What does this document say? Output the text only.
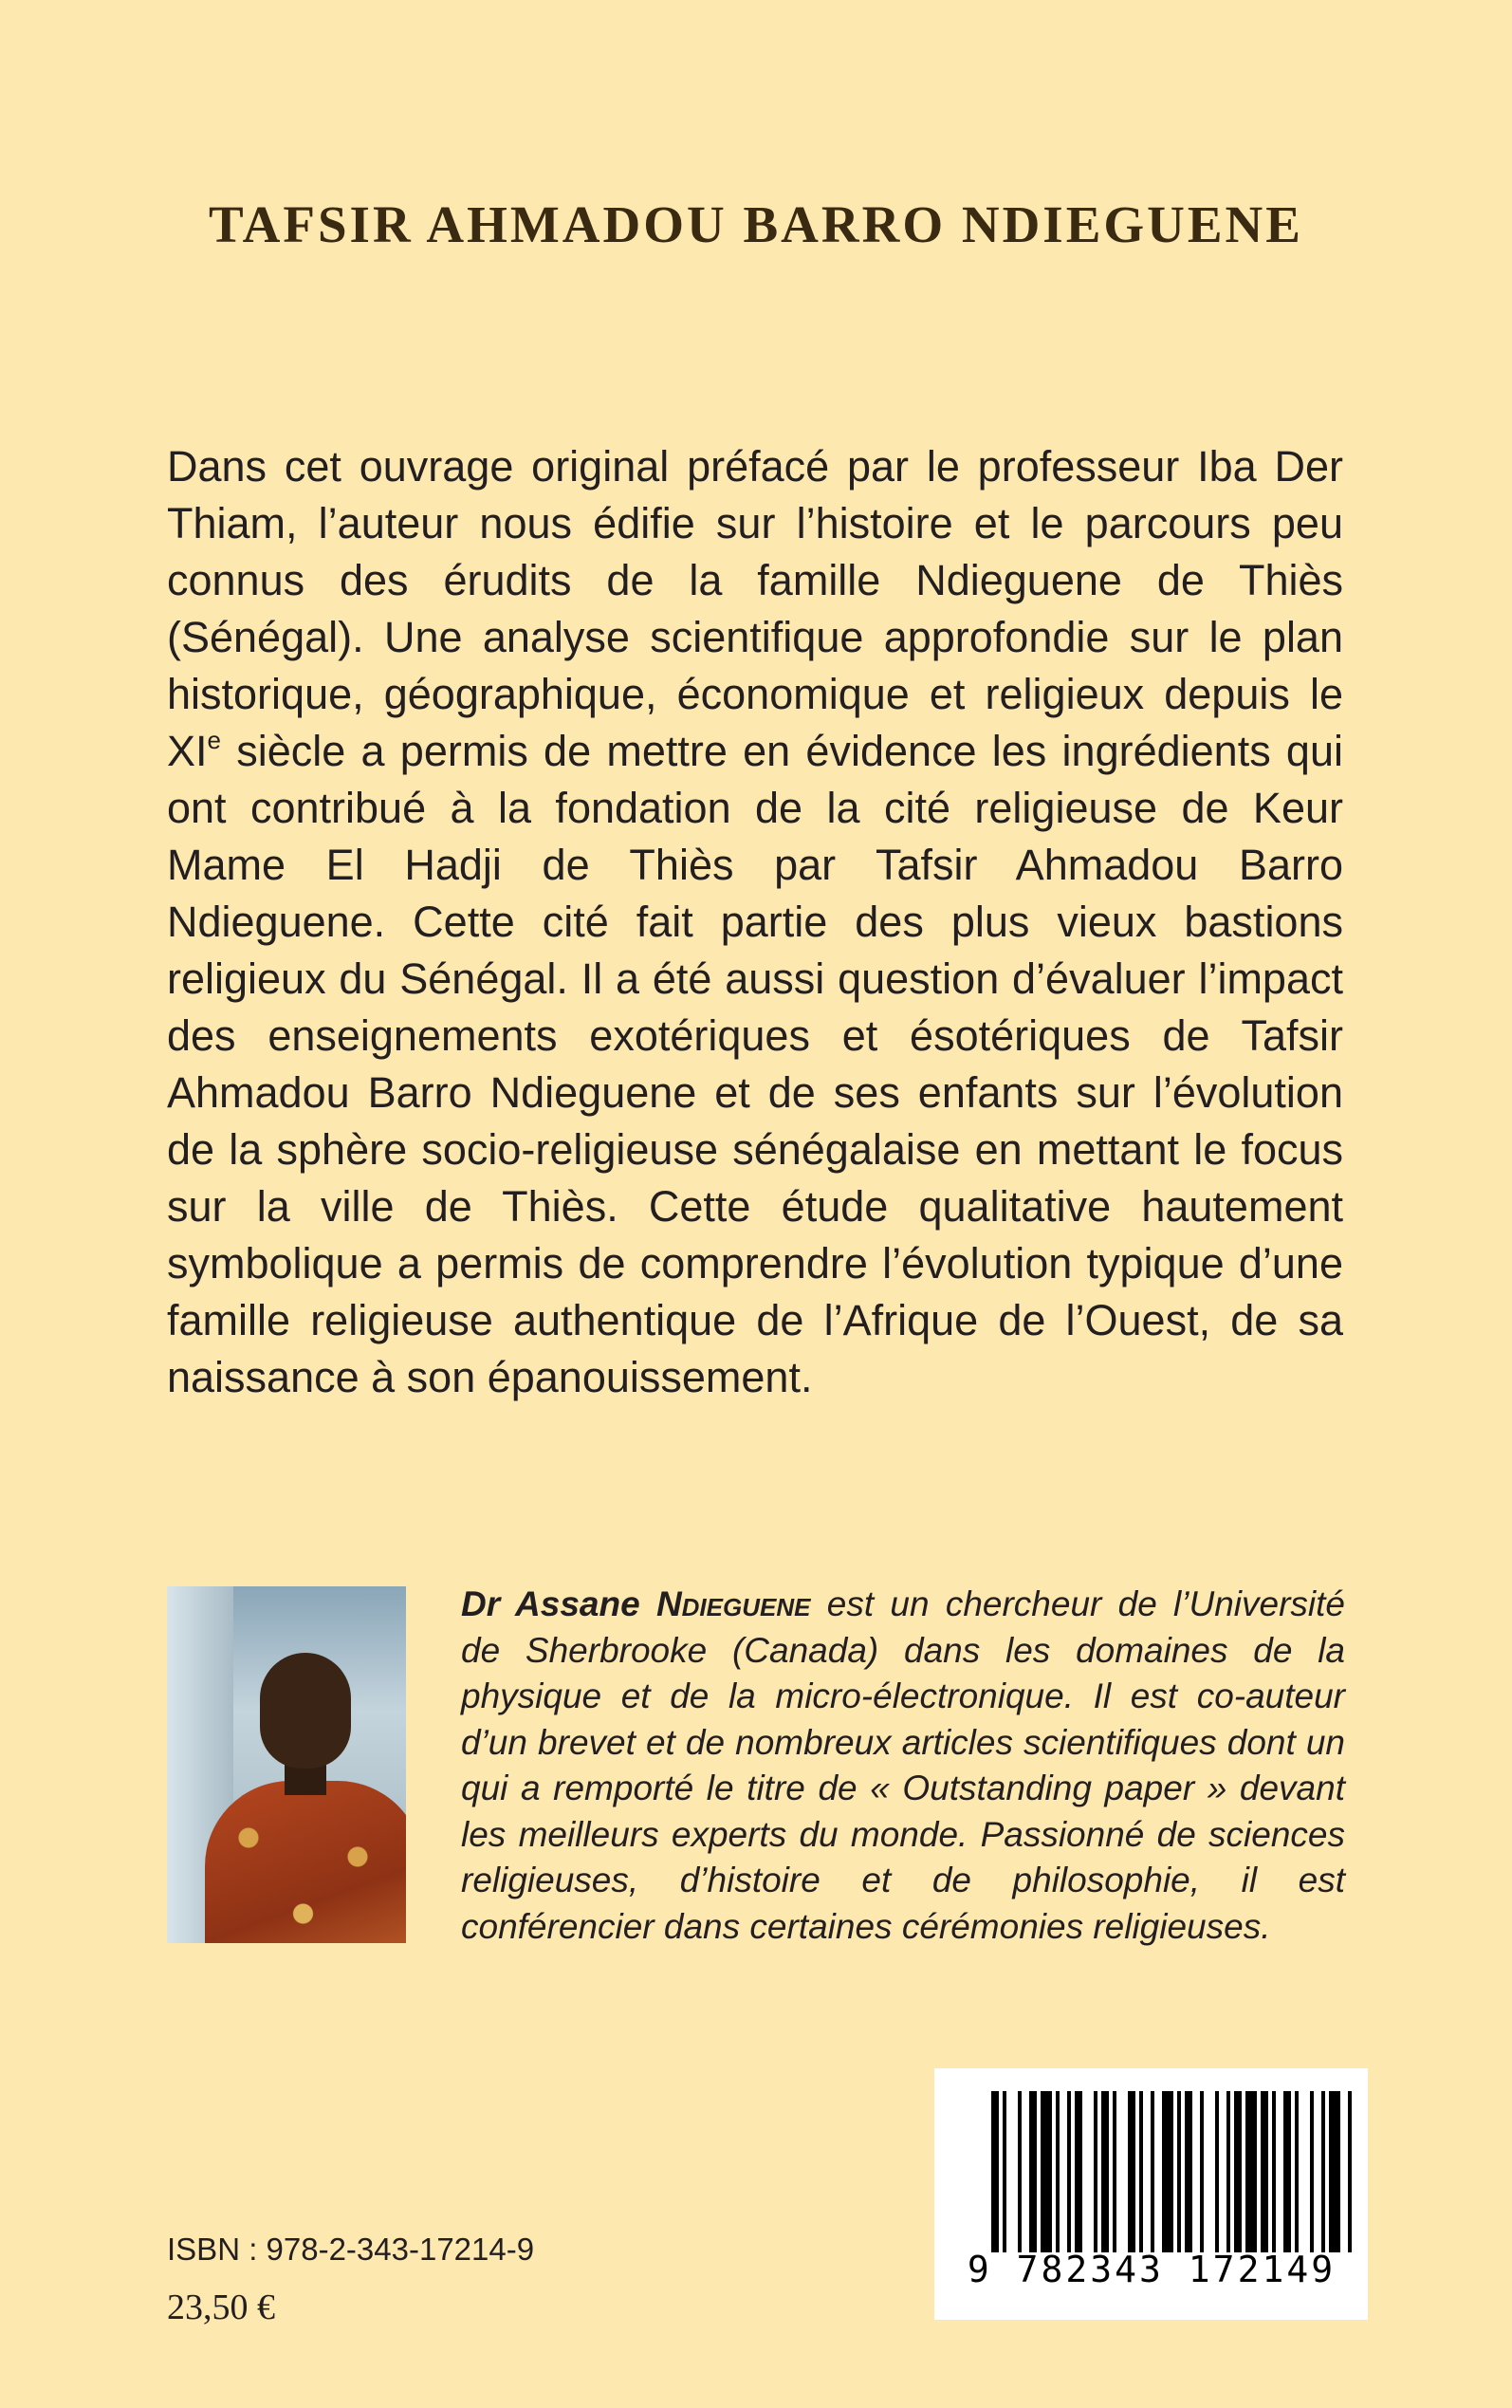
TAFSIR AHMADOU BARRO NDIEGUENE

Dans cet ouvrage original préfacé par le professeur Iba Der Thiam, l’auteur nous édifie sur l’histoire et le parcours peu connus des érudits de la famille Ndieguene de Thiès (Sénégal). Une analyse scientifique approfondie sur le plan historique, géographique, économique et religieux depuis le XIe siècle a permis de mettre en évidence les ingrédients qui ont contribué à la fondation de la cité religieuse de Keur Mame El Hadji de Thiès par Tafsir Ahmadou Barro Ndieguene. Cette cité fait partie des plus vieux bastions religieux du Sénégal. Il a été aussi question d’évaluer l’impact des enseignements exotériques et ésotériques de Tafsir Ahmadou Barro Ndieguene et de ses enfants sur l’évolution de la sphère socio-religieuse sénégalaise en mettant le focus sur la ville de Thiès. Cette étude qualitative hautement symbolique a permis de comprendre l’évolution typique d’une famille religieuse authentique de l’Afrique de l’Ouest, de sa naissance à son épanouissement.

Dr Assane Ndieguene est un chercheur de l’Université de Sherbrooke (Canada) dans les domaines de la physique et de la micro-électronique. Il est co-auteur d’un brevet et de nombreux articles scientifiques dont un qui a remporté le titre de « Outstanding paper » devant les meilleurs experts du monde. Passionné de sciences religieuses, d’histoire et de philosophie, il est conférencier dans certaines cérémonies religieuses.

9 782343 172149
ISBN : 978-2-343-17214-9
23,50 €
